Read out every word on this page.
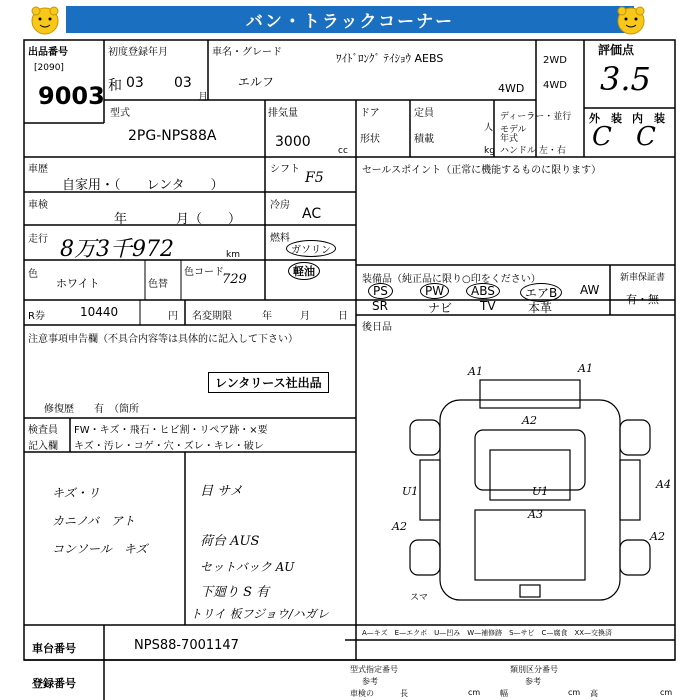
バン・トラックコーナー
出品番号
[2090]
9003
初度登録年月
和 03 03
月
車名・グレード	ﾜｲﾄﾞﾛﾝｸﾞ ﾃｲｼｮｳ AEBS
エルフ	4WD
2WD
4WD
評価点
3.5
型式
2PG-NPS88A
排気量
3000
cc
ドア
形状
定員
積載
人
kg
ディーラー・並行
モデル
年式
ハンドル 左・右
外　装 内　装
C C
車歴
自家用・（　　レンタ　　）
シフト
F5
車検
年	月（　　）
冷房
AC
走行 8万3千972	km
燃料
ガソリン
軽油
色
ホワイト	色替
色コード
729
R券	10440	円 名変期限	年	月	日
注意事項申告欄（不具合内容等は具体的に記入して下さい）
レンタリース社出品
修復歴　　有　（箇所
検査員 FW・キズ・飛石・ヒビ割・リペア跡・×要
記入欄 キズ・汚レ・コゲ・穴・ズレ・キレ・破レ
キズ・リ
カニノバ　アト
コンソール　キズ
目 サメ
荷台 AUS
セットバック AU
下廻り S 有
トリイ 板フジョウ/ハガレ
セールスポイント（正常に機能するものに限ります）
装備品（純正品に限り○印をください）	新車保証書
有・無
PS	PW	ABS	エアB	AW
SR	ナビ TV	本革
後日品
A1	A1
A2
U1	U1
A3
A2
A4
A2
スマ
車台番号	NPS88-7001147
登録番号
A—キズ　E—エクボ　U—凹み　W—補修跡　S—サビ　C—腐食　XX—交換済
型式指定番号	類別区分番号
参考	参考
車検の	長	cm 幅	cm 高	cm
